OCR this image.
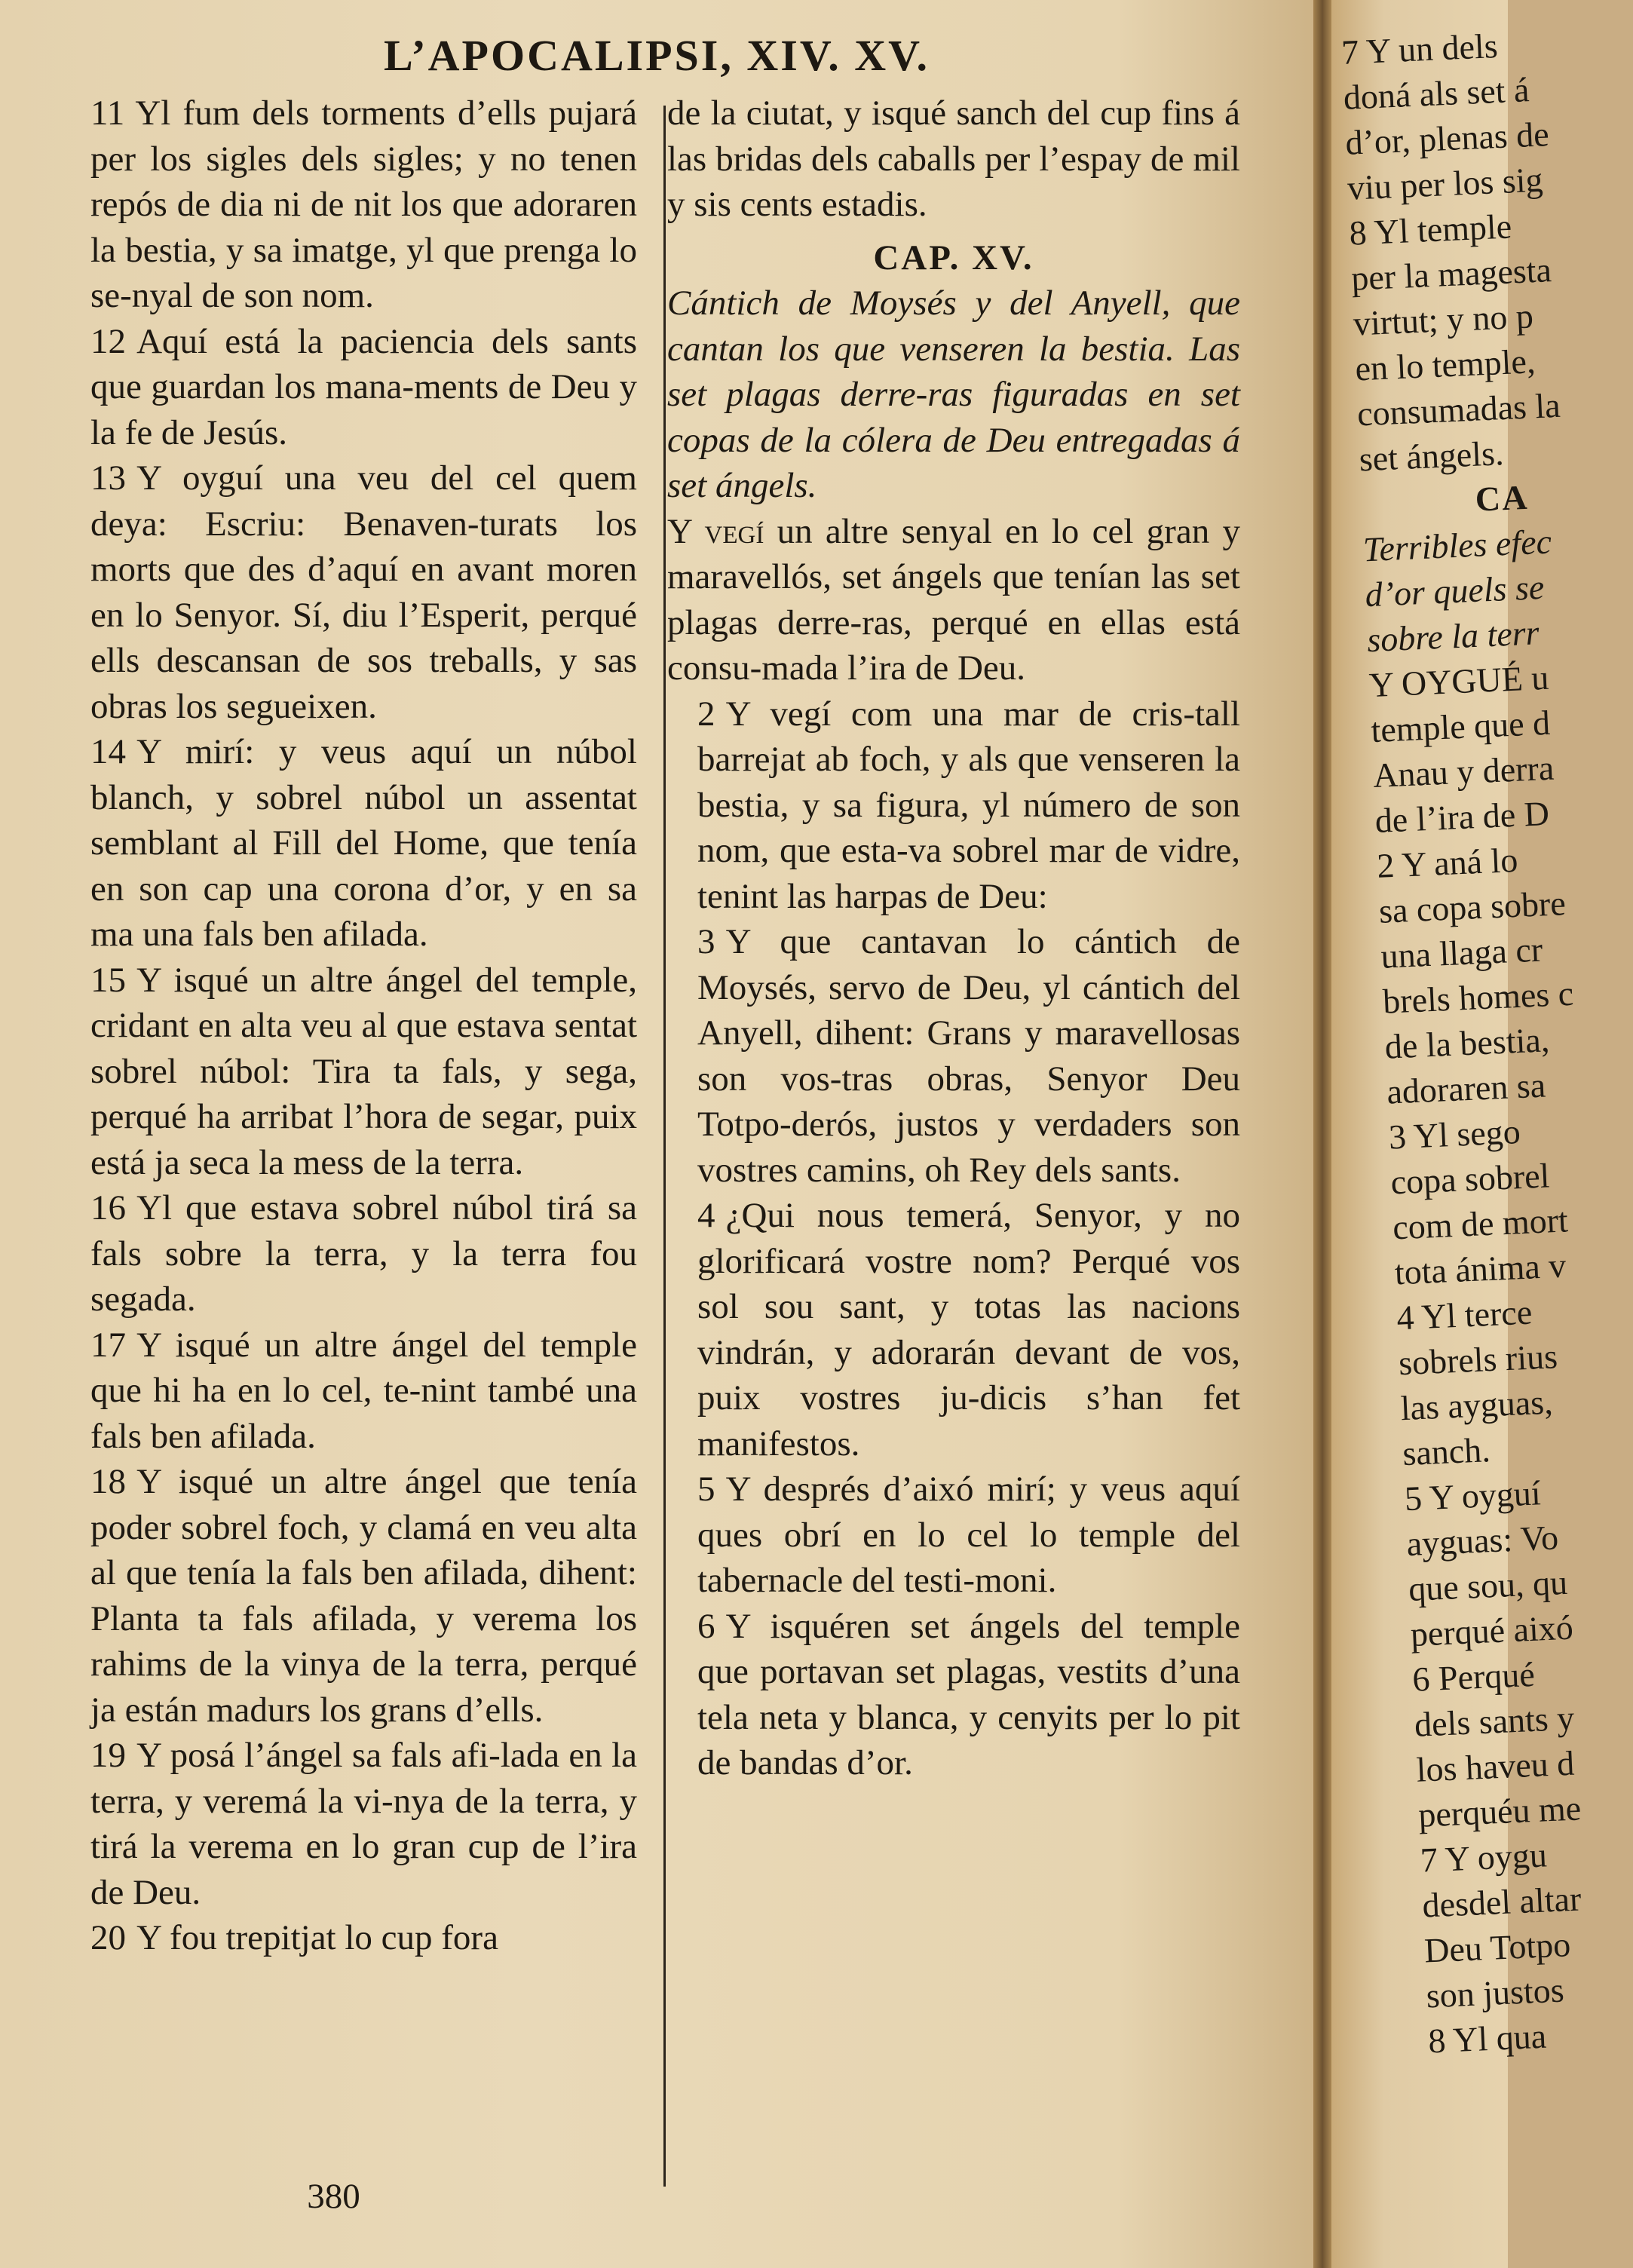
L’APOCALIPSI, XIV. XV.

11 Yl fum dels torments d’ells pujará per los sigles dels sigles; y no tenen repós de dia ni de nit los que adoraren la bestia, y sa imatge, yl que prenga lo se-nyal de son nom.

12 Aquí está la paciencia dels sants que guardan los mana-ments de Deu y la fe de Jesús.

13 Y oyguí una veu del cel quem deya: Escriu: Benaven-turats los morts que des d’aquí en avant moren en lo Senyor. Sí, diu l’Esperit, perqué ells descansan de sos treballs, y sas obras los segueixen.

14 Y mirí: y veus aquí un núbol blanch, y sobrel núbol un assentat semblant al Fill del Home, que tenía en son cap una corona d’or, y en sa ma una fals ben afilada.

15 Y isqué un altre ángel del temple, cridant en alta veu al que estava sentat sobrel núbol: Tira ta fals, y sega, perqué ha arribat l’hora de segar, puix está ja seca la mess de la terra.

16 Yl que estava sobrel núbol tirá sa fals sobre la terra, y la terra fou segada.

17 Y isqué un altre ángel del temple que hi ha en lo cel, te-nint també una fals ben afilada.

18 Y isqué un altre ángel que tenía poder sobrel foch, y clamá en veu alta al que tenía la fals ben afilada, dihent: Planta ta fals afilada, y verema los rahims de la vinya de la terra, perqué ja están madurs los grans d’ells.

19 Y posá l’ángel sa fals afi-lada en la terra, y veremá la vi-nya de la terra, y tirá la verema en lo gran cup de l’ira de Deu.

20 Y fou trepitjat lo cup fora

de la ciutat, y isqué sanch del cup fins á las bridas dels caballs per l’espay de mil y sis cents estadis.

CAP. XV.

Cántich de Moysés y del Anyell, que cantan los que venseren la bestia. Las set plagas derre-ras figuradas en set copas de la cólera de Deu entregadas á set ángels.

Y vegí un altre senyal en lo cel gran y maravellós, set ángels que tenían las set plagas derre-ras, perqué en ellas está consu-mada l’ira de Deu.

2 Y vegí com una mar de cris-tall barrejat ab foch, y als que venseren la bestia, y sa figura, yl número de son nom, que esta-va sobrel mar de vidre, tenint las harpas de Deu:

3 Y que cantavan lo cántich de Moysés, servo de Deu, yl cántich del Anyell, dihent: Grans y maravellosas son vos-tras obras, Senyor Deu Totpo-derós, justos y verdaders son vostres camins, oh Rey dels sants.

4 ¿Qui nous temerá, Senyor, y no glorificará vostre nom? Perqué vos sol sou sant, y totas las nacions vindrán, y adorarán devant de vos, puix vostres ju-dicis s’han fet manifestos.

5 Y després d’aixó mirí; y veus aquí ques obrí en lo cel lo temple del tabernacle del testi-moni.

6 Y isquéren set ángels del temple que portavan set plagas, vestits d’una tela neta y blanca, y cenyits per lo pit de bandas d’or.

380
7 Y un dels
doná als set á
d’or, plenas de
viu per los sig
8 Yl temple
per la magesta
virtut; y no p
en lo temple,
consumadas la
set ángels.
CA
Terribles efec
d’or quels se
sobre la terr
Y OYGUÉ u
temple que d
Anau y derra
de l’ira de D
2 Y aná lo
sa copa sobre
una llaga cr
brels homes c
de la bestia,
adoraren sa
3 Yl sego
copa sobrel
com de mort
tota ánima v
4 Yl terce
sobrels rius
las ayguas,
sanch.
5 Y oyguí
ayguas: Vo
que sou, qu
perqué aixó
6 Perqué
dels sants y
los haveu d
perquéu me
7 Y oygu
desdel altar
Deu Totpo
son justos
8 Yl qua
